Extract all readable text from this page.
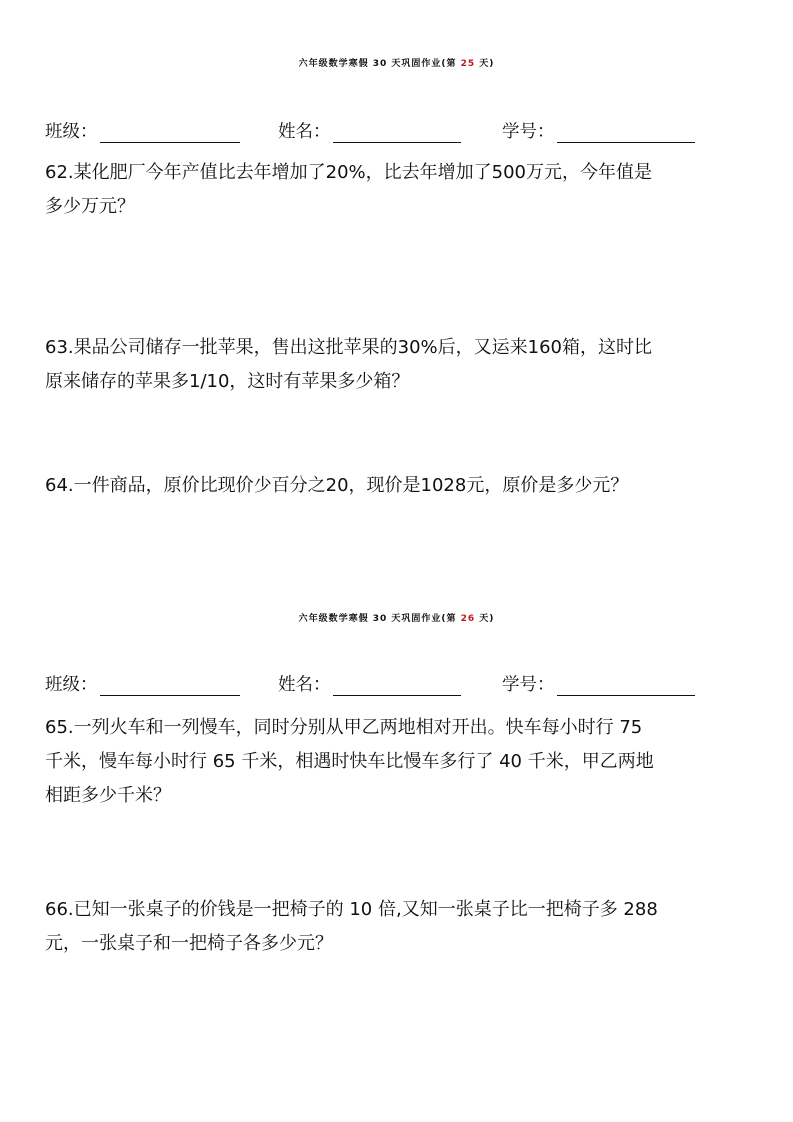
六年级数学寒假 30 天巩固作业(第 25 天)
班级：	姓名：	学号：
62.某化肥厂今年产值比去年增加了20%，比去年增加了500万元，今年值是
多少万元？
63.果品公司储存一批苹果，售出这批苹果的30%后，又运来160箱，这时比
原来储存的苹果多1/10，这时有苹果多少箱？
64.一件商品，原价比现价少百分之20，现价是1028元，原价是多少元？
六年级数学寒假 30 天巩固作业(第 26 天)
班级：	姓名：	学号：
65.一列火车和一列慢车，同时分别从甲乙两地相对开出。快车每小时行 75
千米，慢车每小时行 65 千米，相遇时快车比慢车多行了 40 千米，甲乙两地
相距多少千米？
66.已知一张桌子的价钱是一把椅子的 10 倍,又知一张桌子比一把椅子多 288
元，一张桌子和一把椅子各多少元？
